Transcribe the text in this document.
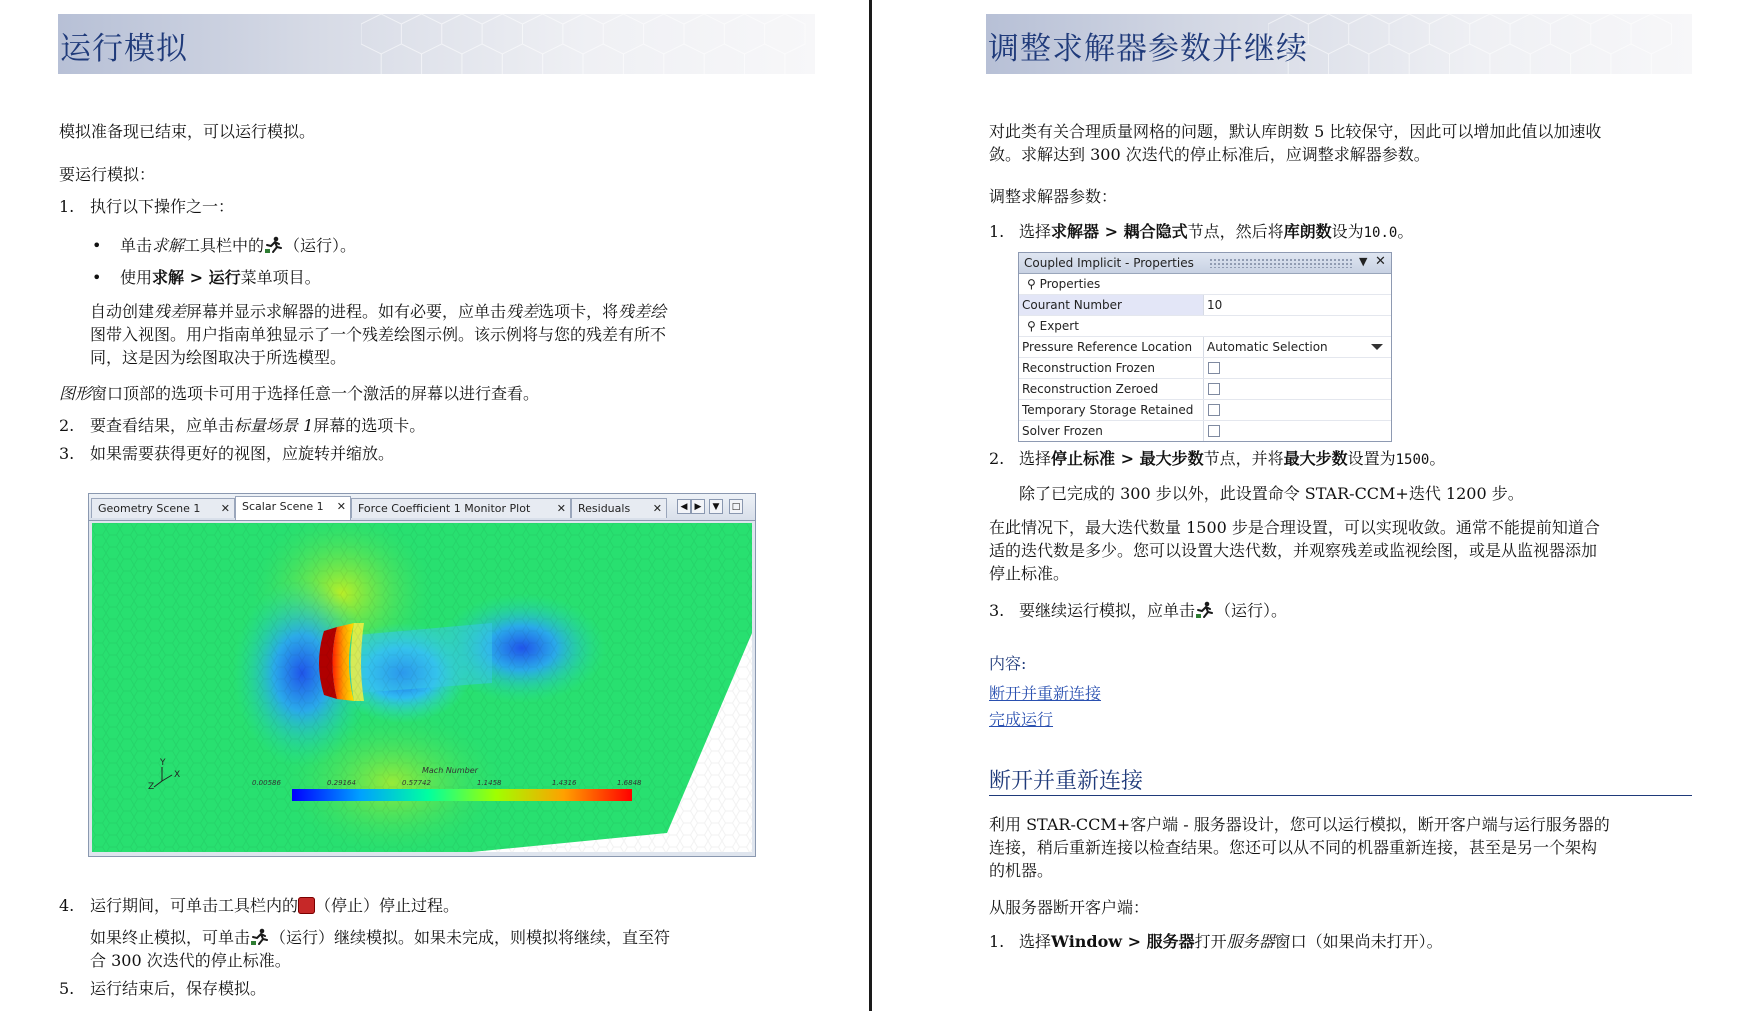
运行模拟

模拟准备现已结束，可以运行模拟。

要运行模拟：

1. 执行以下操作之一：

• 单击求解工具栏中的 （运行）。

• 使用求解 > 运行菜单项目。

自动创建残差屏幕并显示求解器的进程。如有必要，应单击残差选项卡，将残差绘
图带入视图。用户指南单独显示了一个残差绘图示例。该示例将与您的残差有所不
同，这是因为绘图取决于所选模型。

图形窗口顶部的选项卡可用于选择任意一个激活的屏幕以进行查看。

2. 要查看结果，应单击标量场景 1屏幕的选项卡。

3. 如果需要获得更好的视图，应旋转并缩放。

Geometry Scene 1 ✕	Scalar Scene 1 ✕	Force Coefficient 1 Monitor Plot ✕	Residuals ✕	◀ ▶	▼	□
Y
X
Z
Mach Number
0.00586	0.29164	0.57742	1.1458	1.4316	1.6848
4. 运行期间，可单击工具栏内的 （停止）停止过程。

如果终止模拟，可单击 （运行）继续模拟。如果未完成，则模拟将继续，直至符
合 300 次迭代的停止标准。

5. 运行结束后，保存模拟。

调整求解器参数并继续

对此类有关合理质量网格的问题，默认库朗数 5 比较保守，因此可以增加此值以加速收
敛。求解达到 300 次迭代的停止标准后，应调整求解器参数。

调整求解器参数：

1. 选择求解器 > 耦合隐式节点，然后将库朗数设为10.0。

Coupled Implicit - Properties	▼ ✕
⚲ Properties
Courant Number	10
⚲ Expert
Pressure Reference Location Automatic Selection
Reconstruction Frozen
Reconstruction Zeroed
Temporary Storage Retained
Solver Frozen
2. 选择停止标准 > 最大步数节点，并将最大步数设置为1500。

除了已完成的 300 步以外，此设置命令 STAR-CCM+迭代 1200 步。

在此情况下，最大迭代数量 1500 步是合理设置，可以实现收敛。通常不能提前知道合
适的迭代数是多少。您可以设置大迭代数，并观察残差或监视绘图，或是从监视器添加
停止标准。

3. 要继续运行模拟，应单击 （运行）。

内容:

断开并重新连接

完成运行

断开并重新连接

利用 STAR-CCM+客户端 - 服务器设计，您可以运行模拟，断开客户端与运行服务器的
连接，稍后重新连接以检查结果。您还可以从不同的机器重新连接，甚至是另一个架构
的机器。

从服务器断开客户端：

1. 选择Window > 服务器打开服务器窗口（如果尚未打开）。
